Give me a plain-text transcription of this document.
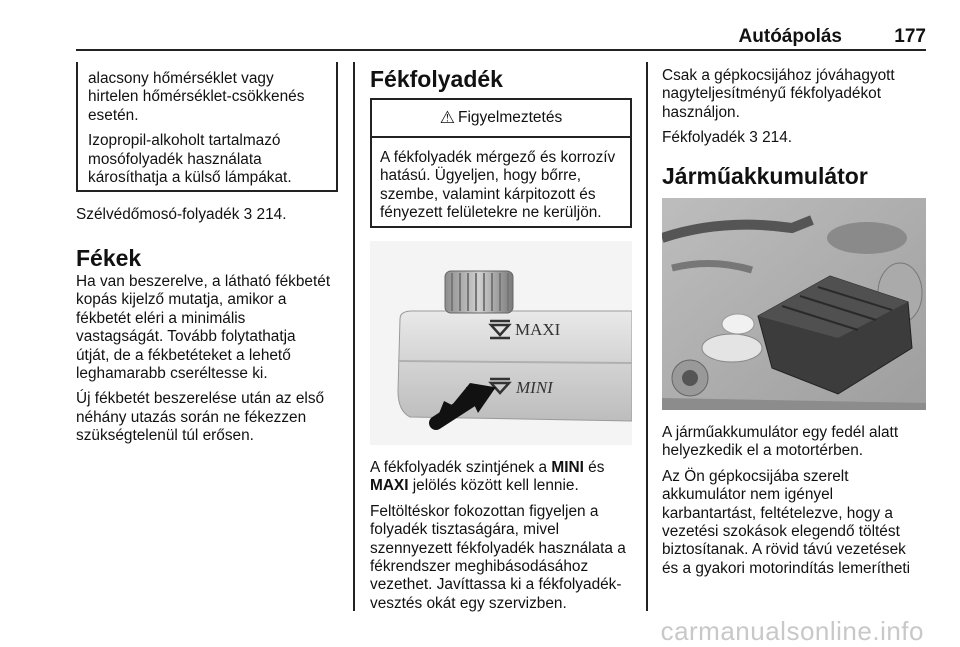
Autóápolás	177

alacsony hőmérséklet vagy
hirtelen hőmérséklet-csökkenés
esetén.

Izopropil-alkoholt tartalmazó
mosófolyadék használata
károsíthatja a külső lámpákat.

Szélvédőmosó-folyadék 3 214.
Fékek

Ha van beszerelve, a látható fékbetét
kopás kijelző mutatja, amikor a
fékbetét eléri a minimális
vastagságát. Tovább folytathatja
útját, de a fékbetéteket a lehető
leghamarabb cseréltesse ki.

Új fékbetét beszerelése után az első
néhány utazás során ne fékezzen
szükségtelenül túl erősen.

Fékfolyadék
⚠ Figyelmeztetés
A fékfolyadék mérgező és korrozív
hatású. Ügyeljen, hogy bőrre,
szembe, valamint kárpitozott és
fényezett felületekre ne kerüljön.
MAXI
MINI

A fékfolyadék szintjének a MINI és
MAXI jelölés között kell lennie.

Feltöltéskor fokozottan figyeljen a
folyadék tisztaságára, mivel
szennyezett fékfolyadék használata a
fékrendszer meghibásodásához
vezethet. Javíttassa ki a fékfolyadék-
vesztés okát egy szervizben.

Csak a gépkocsijához jóváhagyott
nagyteljesítményű fékfolyadékot
használjon.

Fékfolyadék 3 214.

Járműakkumulátor

A járműakkumulátor egy fedél alatt
helyezkedik el a motortérben.

Az Ön gépkocsijába szerelt
akkumulátor nem igényel
karbantartást, feltételezve, hogy a
vezetési szokások elegendő töltést
biztosítanak. A rövid távú vezetések
és a gyakori motorindítás lemerítheti

carmanualsonline.info
